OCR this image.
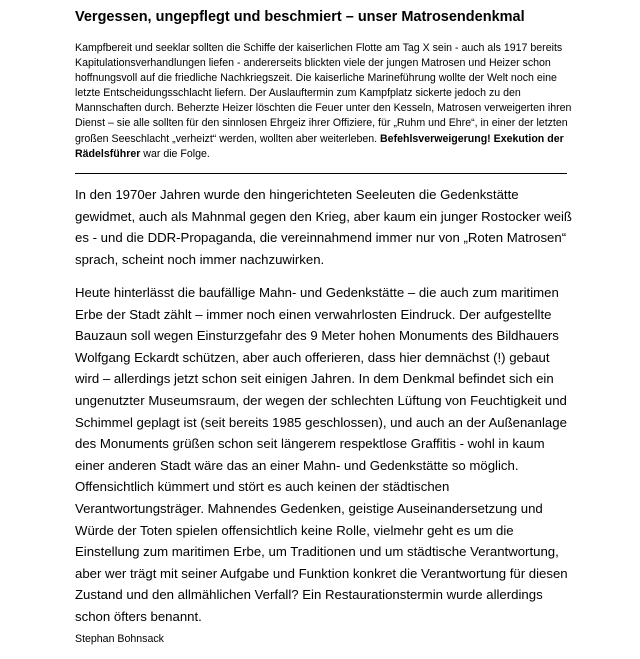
Vergessen, ungepflegt und beschmiert – unser Matrosendenkmal
Kampfbereit und seeklar sollten die Schiffe der kaiserlichen Flotte am Tag X sein - auch als 1917 bereits Kapitulationsverhandlungen liefen - andererseits blickten viele der jungen Matrosen und Heizer schon hoffnungsvoll auf die friedliche Nachkriegszeit. Die kaiserliche Marineführung wollte der Welt noch eine letzte Entscheidungsschlacht liefern. Der Auslauftermin zum Kampfplatz sickerte jedoch zu den Mannschaften durch. Beherzte Heizer löschten die Feuer unter den Kesseln, Matrosen verweigerten ihren Dienst – sie alle sollten für den sinnlosen Ehrgeiz ihrer Offiziere, für „Ruhm und Ehre“, in einer der letzten großen Seeschlacht „verheizt“ werden, wollten aber weiterleben. Befehlsverweigerung! Exekution der Rädelsführer war die Folge.
In den 1970er Jahren wurde den hingerichteten Seeleuten die Gedenkstätte gewidmet, auch als Mahnmal gegen den Krieg, aber kaum ein junger Rostocker weiß es - und die DDR-Propaganda, die vereinnahmend immer nur von „Roten Matrosen“ sprach, scheint noch immer nachzuwirken.
Heute hinterlässt die baufällige Mahn- und Gedenkstätte – die auch zum maritimen Erbe der Stadt zählt – immer noch einen verwahrlosten Eindruck. Der aufgestellte Bauzaun soll wegen Einsturzgefahr des 9 Meter hohen Monuments des Bildhauers Wolfgang Eckardt schützen, aber auch offerieren, dass hier demnächst (!) gebaut wird – allerdings jetzt schon seit einigen Jahren. In dem Denkmal befindet sich ein ungenutzter Museumsraum, der wegen der schlechten Lüftung von Feuchtigkeit und Schimmel geplagt ist (seit bereits 1985 geschlossen), und auch an der Außenanlage des Monuments grüßen schon seit längerem respektlose Graffitis - wohl in kaum einer anderen Stadt wäre das an einer Mahn- und Gedenkstätte so möglich. Offensichtlich kümmert und stört es auch keinen der städtischen Verantwortungsträger. Mahnendes Gedenken, geistige Auseinandersetzung und Würde der Toten spielen offensichtlich keine Rolle, vielmehr geht es um die Einstellung zum maritimen Erbe, um Traditionen und um städtische Verantwortung, aber wer trägt mit seiner Aufgabe und Funktion konkret die Verantwortung für diesen Zustand und den allmählichen Verfall? Ein Restaurationstermin wurde allerdings schon öfters benannt.
Stephan Bohnsack
